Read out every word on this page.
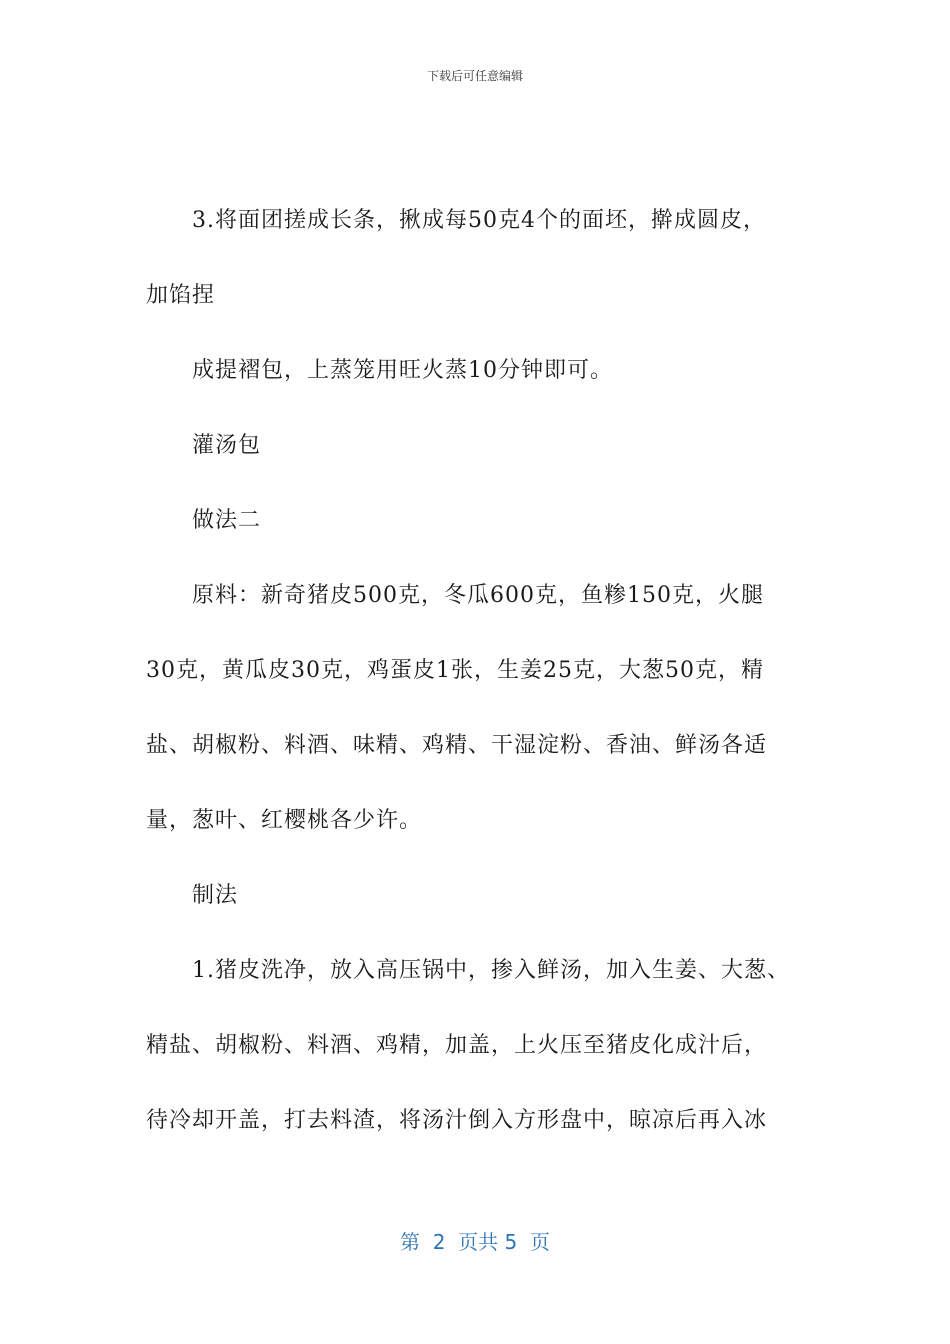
下载后可任意编辑
3.将面团搓成长条，揪成每50克4个的面坯，擀成圆皮，
加馅捏
成提褶包，上蒸笼用旺火蒸10分钟即可。
灌汤包
做法二
原料：新奇猪皮500克，冬瓜600克，鱼糁150克，火腿
30克，黄瓜皮30克，鸡蛋皮1张，生姜25克，大葱50克，精
盐、胡椒粉、料酒、味精、鸡精、干湿淀粉、香油、鲜汤各适
量，葱叶、红樱桃各少许。
制法
1.猪皮洗净，放入高压锅中，掺入鲜汤，加入生姜、大葱、
精盐、胡椒粉、料酒、鸡精，加盖，上火压至猪皮化成汁后，
待冷却开盖，打去料渣，将汤汁倒入方形盘中，晾凉后再入冰
第  2  页共 5  页
